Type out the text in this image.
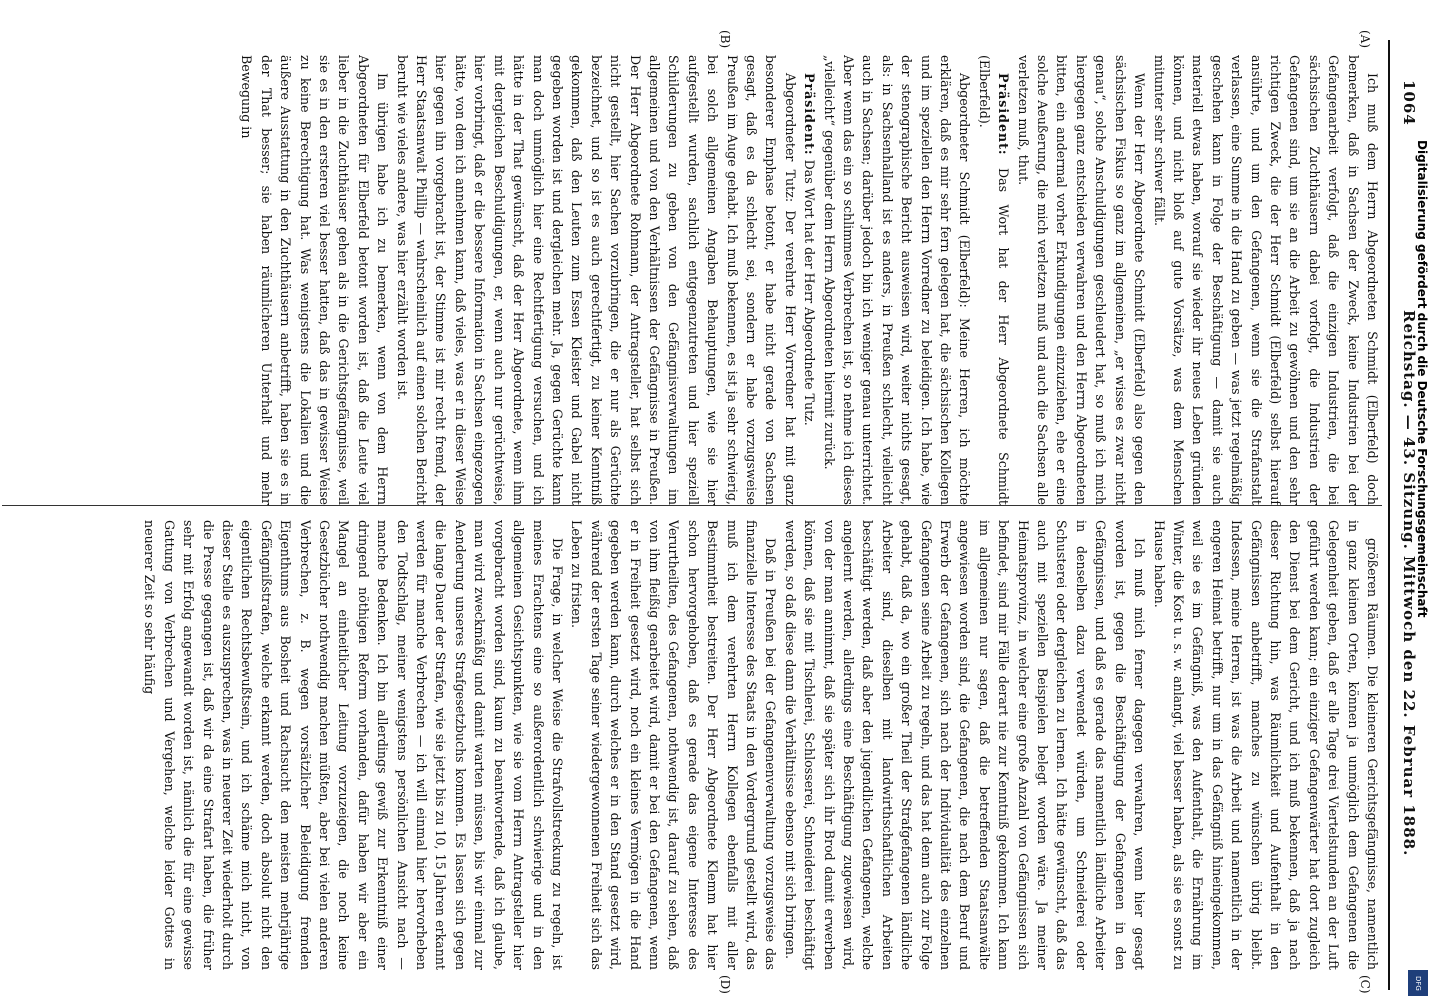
1064
Reichstag. — 43. Sitzung. Mittwoch den 22. Februar 1888.
(A)
(B)
(C)
(D)

Ich muß dem Herrn Abgeordneten Schmidt (Elberfeld) doch bemerken, daß in Sachsen der Zweck, keine Industrien bei der Gefangenarbeit verfolgt, daß die einzigen Industrien, die bei sächsischen Zuchthäusern dabei vorfolgt, die Industrien der Gefangenen sind, um sie an die Arbeit zu gewöhnen und den sehr richtigen Zweck, die der Herr Schmidt (Elberfeld) selbst hierauf ansührte, und um den Gefangenen, wenn sie die Strafanstalt verlassen, eine Summe in die Hand zu geben — was jetzt regelmäßig geschehen kann in Folge der Beschäftigung — damit sie auch materiell etwas haben, worauf sie wieder ihr neues Leben gründen können, und nicht bloß auf gute Vorsätze, was dem Menschen mitunter sehr schwer fällt.

Wenn der Herr Abgeordnete Schmidt (Elberfeld) also gegen den sächsischen Fiskus so ganz im allgemeinen, „er wisse es zwar nicht genau“, solche Anschuldigungen geschleudert hat, so muß ich mich hiergegen ganz entschieden verwahren und den Herrn Abgeordneten bitten, ein andermal vorher Erkundigungen einzuziehen, ehe er eine solche Aeußerung, die mich verletzen muß und auch die Sachsen alle verletzen muß, thut.

Präsident: Das Wort hat der Herr Abgeordnete Schmidt (Elberfeld).

Abgeordneter Schmidt (Elberfeld): Meine Herren, ich möchte erklären, daß es mir sehr fern gelegen hat, die sächsischen Kollegen und im speziellen den Herrn Vorredner zu beleidigen. Ich habe, wie der stenographische Bericht ausweisen wird, weiter nichts gesagt, als: in Sachsenhalland ist es anders, in Preußen schlecht, vielleicht auch in Sachsen; darüber jedoch bin ich weniger genau unterrichtet. Aber wenn das ein so schlimmes Verbrechen ist, so nehme ich dieses „vielleicht“ gegenüber dem Herrn Abgeordneten hiermit zurück.

Präsident: Das Wort hat der Herr Abgeordnete Tutz.

Abgeordneter Tutz: Der verehrte Herr Vorredner hat mit ganz besonderer Emphase betont, er habe nicht gerade von Sachsen gesagt, daß es da schlecht sei, sondern er habe vorzugsweise Preußen im Auge gehabt. Ich muß bekennen, es ist ja sehr schwierig, bei solch allgemeinen Angaben Behauptungen, wie sie hier aufgestellt wurden, sachlich entgegenzutreten und hier speziell Schilderungen zu geben von den Gefängnisverwaltungen im allgemeinen und von den Verhältnissen der Gefängnisse in Preußen. Der Herr Abgeordnete Rohmann, der Antragsteller, hat selbst sich nicht gestellt, hier Sachen vorzubringen, die er nur als Gerüchte bezeichnet, und so ist es auch gerechtfertigt, zu keiner Kenntniß gekommen, daß den Leuten zum Essen Kleister und Gabel nicht gegeben worden ist und dergleichen mehr. Ja, gegen Gerüchte kann man doch unmöglich hier eine Rechtfertigung versuchen, und ich hätte in der That gewünscht, daß der Herr Abgeordnete, wenn ihm mit dergleichen Beschuldigungen, er, wenn auch nur gerüchtweise, hier vorbringt, daß er die bessere Information in Sachsen eingezogen hätte, von dem ich annehmen kann, daß vieles, was er in dieser Weise hier gegen ihn vorgebracht ist, der Stimme ist mir recht fremd, der Herr Staatsanwalt Phillip — wahrscheinlich auf einen solchen Bericht beruht wie vieles andere, was hier erzählt worden ist.

Im übrigen habe ich zu bemerken, wenn von dem Herrn Abgeordneten für Elberfeld betont worden ist, daß die Leute viel lieber in die Zuchthäuser gehen als in die Gerichtsgefängnisse, weil sie es in den ersteren viel besser hatten, daß das in gewisser Weise zu keine Berechtigung hat. Was wenigstens die Lokalien und die äußere Ausstattung in den Zuchthäusern anbetrifft, haben sie es in der That besser; sie haben räumlicheren Unterhalt und mehr Bewegung in

größeren Räumen. Die kleineren Gerichtsgefängnisse, namentlich in ganz kleinen Orten, können ja unmöglich dem Gefangenen die Gelegenheit geben, daß er alle Tage drei Viertelstunden an der Luft geführt werden kann; ein einziger Gefangenwärter hat dort zugleich den Dienst bei dem Gericht, und ich muß bekennen, daß ja nach dieser Richtung hin, was Räumlichkeit und Aufenthalt in den Gefängnissen anbetrifft, manches zu wünschen übrig bleibt. Indessen, meine Herren, ist was die Arbeit und namentlich in der engeren Heimat betrifft, nur um in das Gefängniß hineingekommen, weil sie es im Gefängniß, was den Aufenthalt, die Ernährung im Winter, die Kost u. s. w. anlangt, viel besser haben, als sie es sonst zu Hause haben.

Ich muß mich ferner dagegen verwahren, wenn hier gesagt worden ist, gegen die Beschäftigung der Gefangenen in den Gefängnissen, und daß es gerade das namentlich ländliche Arbeiter in denselben dazu verwendet würden, um Schneiderei oder Schusterei oder dergleichen zu lernen. Ich hätte gewünscht, daß das auch mit speziellen Beispielen belegt worden wäre. Ja meiner Heimatsprovinz, in welcher eine große Anzahl von Gefängnissen sich befindet, sind mir Fälle derart nie zur Kenntniß gekommen. Ich kann im allgemeinen nur sagen, daß die betreffenden Staatsanwälte angewiesen worden sind, die Gefangenen, die nach dem Beruf und Erwerb der Gefangenen, sich nach der Individualität des einzelnen Gefangenen seine Arbeit zu regeln, und das hat denn auch zur Folge gehabt, daß da, wo ein großer Theil der Strafgefangenen ländliche Arbeiter sind, dieselben mit landwirthschaftlichen Arbeiten beschäftigt werden, daß aber den jugendlichen Gefangenen, welche angelernt werden, allerdings eine Beschäftigung zugewiesen wird, von der man annimmt, daß sie später sich ihr Brod damit erwerben können, daß sie mit Tischlerei, Schlosserei, Schneiderei beschäftigt werden, so daß diese dann die Verhältnisse ebenso mit sich bringen.

Daß in Preußen bei der Gefangenenverwaltung vorzugsweise das finanzielle Interesse des Staats in den Vordergrund gestellt wird, das muß ich dem verehrten Herrn Kollegen ebenfalls mit aller Bestimmtheit bestreiten. Der Herr Abgeordnete Klemm hat hier schon hervorgehoben, daß es gerade das eigene Interesse des Verurtheilten, des Gefangenen, nothwendig ist, darauf zu sehen, daß von ihm fleißig gearbeitet wird, damit er bei den Gefangenen, wenn er in Freiheit gesetzt wird, noch ein kleines Vermögen in die Hand gegeben werden kann, durch welches er in den Stand gesetzt wird, während der ersten Tage seiner wiedergewonnenen Freiheit sich das Leben zu fristen.

Die Frage, in welcher Weise die Strafvollstreckung zu regeln, ist meines Erachtens eine so außerordentlich schwierige und in den allgemeinen Gesichtspunkten, wie sie vom Herrn Antragsteller hier vorgebracht worden sind, kaum zu beantwortende, daß ich glaube, man wird zweckmäßig und damit warten müssen, bis wir einmal zur Aenderung unseres Strafgesetzbuchs kommen. Es lassen sich gegen die lange Dauer der Strafen, wie sie jetzt bis zu 10, 15 Jahren erkannt werden für manche Verbrechen — ich will einmal hier hervorheben den Todtschlag, meiner wenigstens persönlichen Ansicht nach — manche Bedenken. Ich bin allerdings gewiß zur Erkenntniß einer dringend nöthigen Reform vorhanden, dafür haben wir aber ein Mangel an einheitlicher Leitung vorzuzeigen, die noch keine Gesetzbücher nothwendig machen müßten, aber bei vielen anderen Verbrechen, z. B. wegen vorsätzlicher Beleidigung fremden Eigenthums aus Bosheit und Rachsucht den meisten mehrjährige Gefängnißstrafen, welche erkannt werden, doch absolut nicht den eigentlichen Rechtsbewußtsein, und ich schäme mich nicht, von dieser Stelle es auszusprechen, was in neuerer Zeit wiederholt durch die Presse gegangen ist, daß wir da eine Strafart haben, die früher sehr mit Erfolg angewandt worden ist, nämlich die für eine gewisse Gattung von Verbrechen und Vergehen, welche leider Gottes in neuerer Zeit so sehr häufig	Digitalisierung gefördert durch die Deutsche Forschungsgemeinschaft
DFG
